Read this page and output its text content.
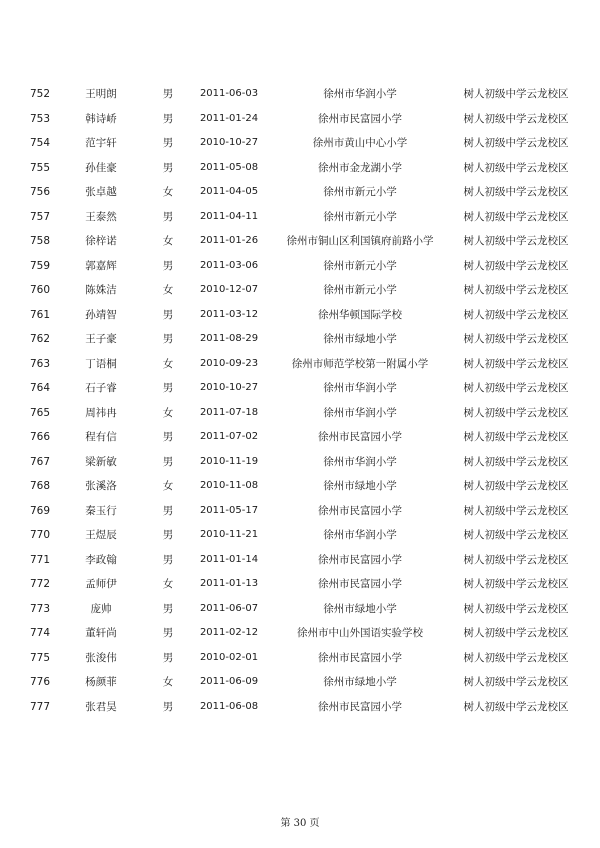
752	王明朗	男	2011-06-03	徐州市华润小学	树人初级中学云龙校区
753	韩诗峤	男	2011-01-24	徐州市民富园小学	树人初级中学云龙校区
754	范宇轩	男	2010-10-27	徐州市黄山中心小学	树人初级中学云龙校区
755	孙佳豪	男	2011-05-08	徐州市金龙湖小学	树人初级中学云龙校区
756	张卓越	女	2011-04-05	徐州市新元小学	树人初级中学云龙校区
757	王泰然	男	2011-04-11	徐州市新元小学	树人初级中学云龙校区
758	徐梓诺	女	2011-01-26	徐州市铜山区利国镇府前路小学	树人初级中学云龙校区
759	郭嘉辉	男	2011-03-06	徐州市新元小学	树人初级中学云龙校区
760	陈姝洁	女	2010-12-07	徐州市新元小学	树人初级中学云龙校区
761	孙靖智	男	2011-03-12	徐州华顿国际学校	树人初级中学云龙校区
762	王子豪	男	2011-08-29	徐州市绿地小学	树人初级中学云龙校区
763	丁语桐	女	2010-09-23	徐州市师范学校第一附属小学	树人初级中学云龙校区
764	石子睿	男	2010-10-27	徐州市华润小学	树人初级中学云龙校区
765	周祎冉	女	2011-07-18	徐州市华润小学	树人初级中学云龙校区
766	程有信	男	2011-07-02	徐州市民富园小学	树人初级中学云龙校区
767	梁新敏	男	2010-11-19	徐州市华润小学	树人初级中学云龙校区
768	张溪洛	女	2010-11-08	徐州市绿地小学	树人初级中学云龙校区
769	秦玉行	男	2011-05-17	徐州市民富园小学	树人初级中学云龙校区
770	王煜辰	男	2010-11-21	徐州市华润小学	树人初级中学云龙校区
771	李政翰	男	2011-01-14	徐州市民富园小学	树人初级中学云龙校区
772	孟师伊	女	2011-01-13	徐州市民富园小学	树人初级中学云龙校区
773	庞帅	男	2011-06-07	徐州市绿地小学	树人初级中学云龙校区
774	董轩尚	男	2011-02-12	徐州市中山外国语实验学校	树人初级中学云龙校区
775	张浚伟	男	2010-02-01	徐州市民富园小学	树人初级中学云龙校区
776	杨颜菲	女	2011-06-09	徐州市绿地小学	树人初级中学云龙校区
777	张君昊	男	2011-06-08	徐州市民富园小学	树人初级中学云龙校区
第 30 页
